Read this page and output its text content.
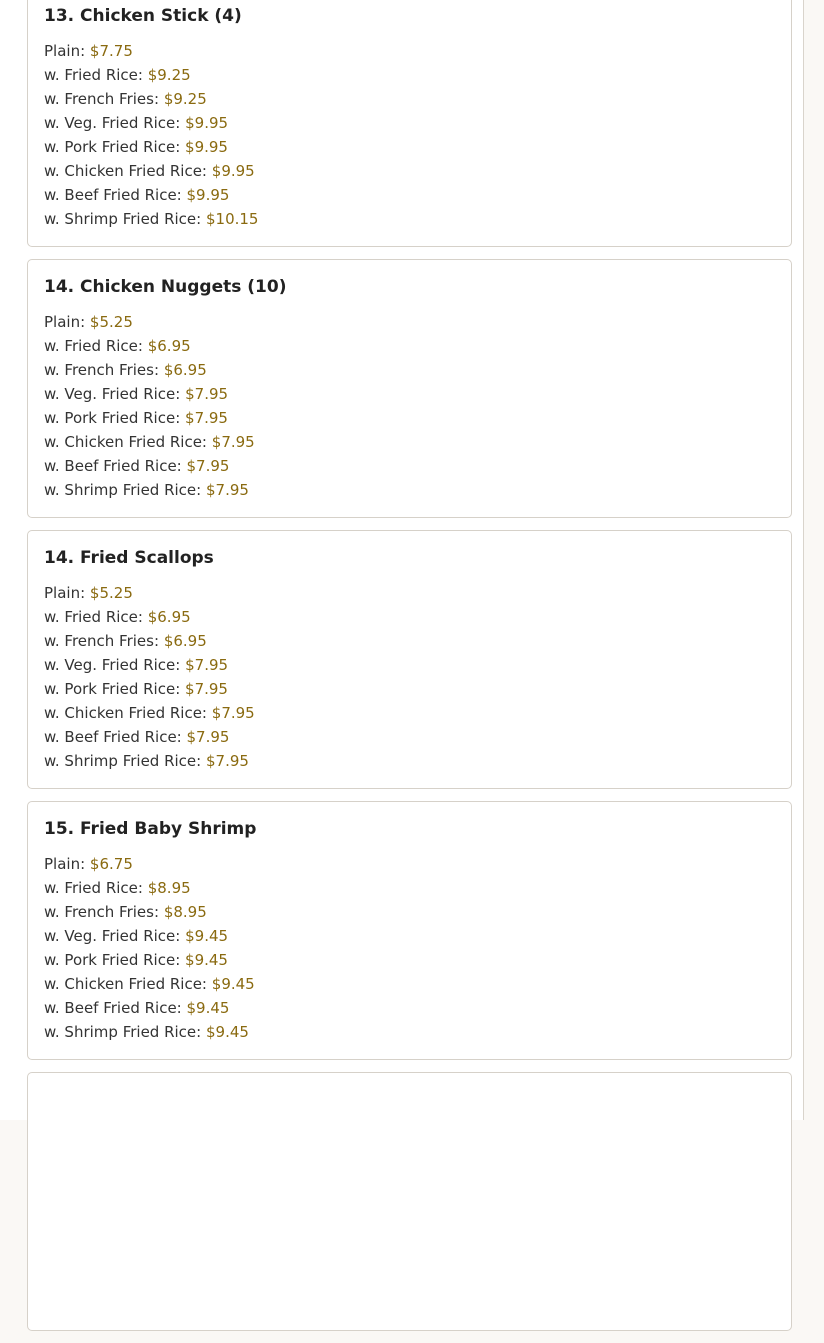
13. Chicken Stick (4)
Plain: $7.75
w. Fried Rice: $9.25
w. French Fries: $9.25
w. Veg. Fried Rice: $9.95
w. Pork Fried Rice: $9.95
w. Chicken Fried Rice: $9.95
w. Beef Fried Rice: $9.95
w. Shrimp Fried Rice: $10.15
14. Chicken Nuggets (10)
Plain: $5.25
w. Fried Rice: $6.95
w. French Fries: $6.95
w. Veg. Fried Rice: $7.95
w. Pork Fried Rice: $7.95
w. Chicken Fried Rice: $7.95
w. Beef Fried Rice: $7.95
w. Shrimp Fried Rice: $7.95
14. Fried Scallops
Plain: $5.25
w. Fried Rice: $6.95
w. French Fries: $6.95
w. Veg. Fried Rice: $7.95
w. Pork Fried Rice: $7.95
w. Chicken Fried Rice: $7.95
w. Beef Fried Rice: $7.95
w. Shrimp Fried Rice: $7.95
15. Fried Baby Shrimp
Plain: $6.75
w. Fried Rice: $8.95
w. French Fries: $8.95
w. Veg. Fried Rice: $9.45
w. Pork Fried Rice: $9.45
w. Chicken Fried Rice: $9.45
w. Beef Fried Rice: $9.45
w. Shrimp Fried Rice: $9.45
